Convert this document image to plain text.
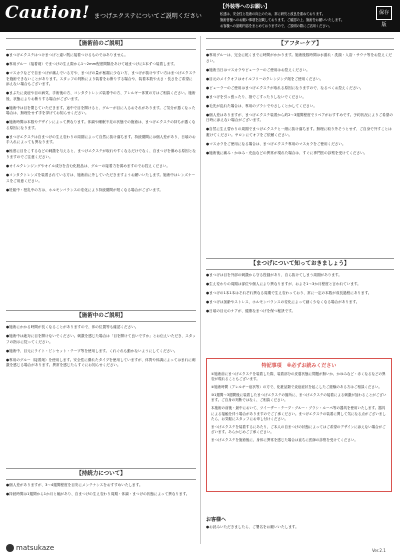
Caution! まつげエクステについてご説明ください
【外装等へのお願い】
私達は、安全性と技術の向上のため、常に研究と改良を重ねております。
施術者様へのお願い事項を記載しております。ご確認の上、施術をお願いいたします。
お客様への説明内容をまとめておりますので、ご説明の際にご活用ください。
保存版
【施術前のご説明】

●まつげエクステはつけまつげと違い既に接着つけるものではありません。

●専用グルー（接着剤）でまつげの生え際から1〜2mm程度間隔をあけて地まつげに1本ずつ装着します。

●マスカラなどで自まつげが痛んでいる方や、まつげの量が極端に少ない方、まつげが抜けやすい方はまつげエクステを施術できないことがあります。スタッフの判断により装着をお断りする場合や、装着本数や太さ・長さをご希望に添えない場合もございます。

●まぶたに炎症や目の病気、手術後の方、コンタクトレンズ装着中の方、アレルギー体質の方はご相談ください。施術後、状態によりお断りする場合がございます。

●施術中は目を閉じていただきます。途中で目を開けると、グルーが目に入るおそれがあります。ご気分が悪くなった場合は、無理をせず手を挙げてお知らせください。

●施術時間は本数やデザインによって異なります。体調や睡眠不足の状態での施術は、まつげエクステの持ちが悪くなる原因になります。

●まつげエクステは自まつげの生え変わりの周期によって自然に抜け落ちます。持続期間には個人差があり、日頃のお手入れによっても異なります。

●極度に目をこするなどの刺激を与えると、まつげエクステが取れやすくなるだけでなく、自まつげを傷める原因となりますのでご注意ください。

●オイルクレンジングやオイル成分を含む化粧品は、グルーの接着力を弱めますのでお控えください。

●コンタクトレンズを装着されている方は、施術前に外していただきますようお願いいたします。施術中はレンズケースをご用意ください。

●妊娠中・授乳中の方は、ホルモンバランスの変化により持続期間が短くなる場合がございます。

【施術中のご説明】

●施術にかかる時間が長くなることがありますので、体の位置等も確認ください。

●施術中は絶対に目を開けないでください。刺激を感じた場合は「目を開けて良いですか」とお伝えいただき、スタッフの指示に従ってください。

●施術中、目元にライト・ピンセット・テープ等を使用します。くれぐれも動かないようにしてください。

●専用のグルー（接着剤）を使用します。安全性に優れたタイプを使用していますが、体質や体調によってはまれに刺激を感じる場合があります。異常を感じたらすぐにお知らせください。

【持続力について】

●個人差がありますが、3〜4週間程度を目安にメンテナンスをおすすめいたします。

●持続時間は1週間から1か月と幅があり、自まつげの生え変わり周期・体調・まつげの状態によって異なります。

【アフターケア】

●専用グルーは、完全に乾くまでに時間がかかります。施術後数時間は水濡れ・洗顔・入浴・サウナ等をお控えください。

●施術当日はマスカラやビューラーのご使用はお控えください。

●目元のメイクオフはオイルフリーのクレンジング剤をご使用ください。

●ビューラーのご使用はまつげエクステが取れる原因になりますので、なるべくお控えください。

●まつげを引っ張ったり、指でこすったりしないでください。

●毛先が乱れた場合は、専用のブラシでやさしくとかしてください。

●個人差はありますが、まつげエクステ装着から約2〜3週間程度でリペアがおすすめです。予約状況によりご希望の日時に添えない場合がございます。

●自然に生え替わりの周期でまつげエクステと一緒に抜け落ちます。無理に取り外そうとせず、ご自身で外すことは避けてください。サロンにてオフをご依頼ください。

●マスカラをご使用になる場合は、まつげエクステ専用のマスカラをご使用ください。

●施術後に痛み・かゆみ・充血などの異常が現れた場合は、すぐに専門医の診察を受けてください。

【まつげについて知っておきましょう】

●まつげは目を外部の刺激から守る役割があり、自ら抜けてしまう周期があります。

●生え変わりの周期は部位や個人により異なりますが、およそ1〜3か月程度と言われています。

●まつげの1本1本はそれぞれ異なる周期で生え変わっており、常に一定の本数が成長過程にあります。

●まつげは加齢やストレス、ホルモンバランスの変化によって細く少なくなる場合があります。

●日頃の目元のケアが、健康なまつげを保つ秘訣です。

特記事項　※必ずお読みください

①施術前にまつげエクステを装着した際、装着部分の皮膚状態に問題が無いか、かゆみなど・赤くなるなどの異変が現れることもございます。

②施術時間（アレルギー症状等）の方で、化粧品類で炎症症状を起こしたご経験のある方はご相談ください。

③1週間〜3週間後に装着したまつげエクステの箇所に、まつげエクステの接着による刺激が加わることがございます。ご自身の判断ではなく、ご相談ください。

本施術の前後・最中において、ツイーザー・テープ・グルー・ブラシ・ルーペ等の器具を使用いたします。器具による接触を伴う場合がありますのでご了承ください。まつげエクステの装着に関して気になる点がございましたら、お気軽にスタッフにお申し付けください。

まつげエクステを装着するにあたり、ご本人の自まつげの状態によってはご希望のデザインに添えない場合がございます。あらかじめご了承ください。

まつげエクステを施術後に、身体に異常を感じた場合は直ちに医師の診察を受けてください。

お客様へ
●お読みいただきましたら、ご署名をお願いいたします。
matsukaze	Ver.2.1
